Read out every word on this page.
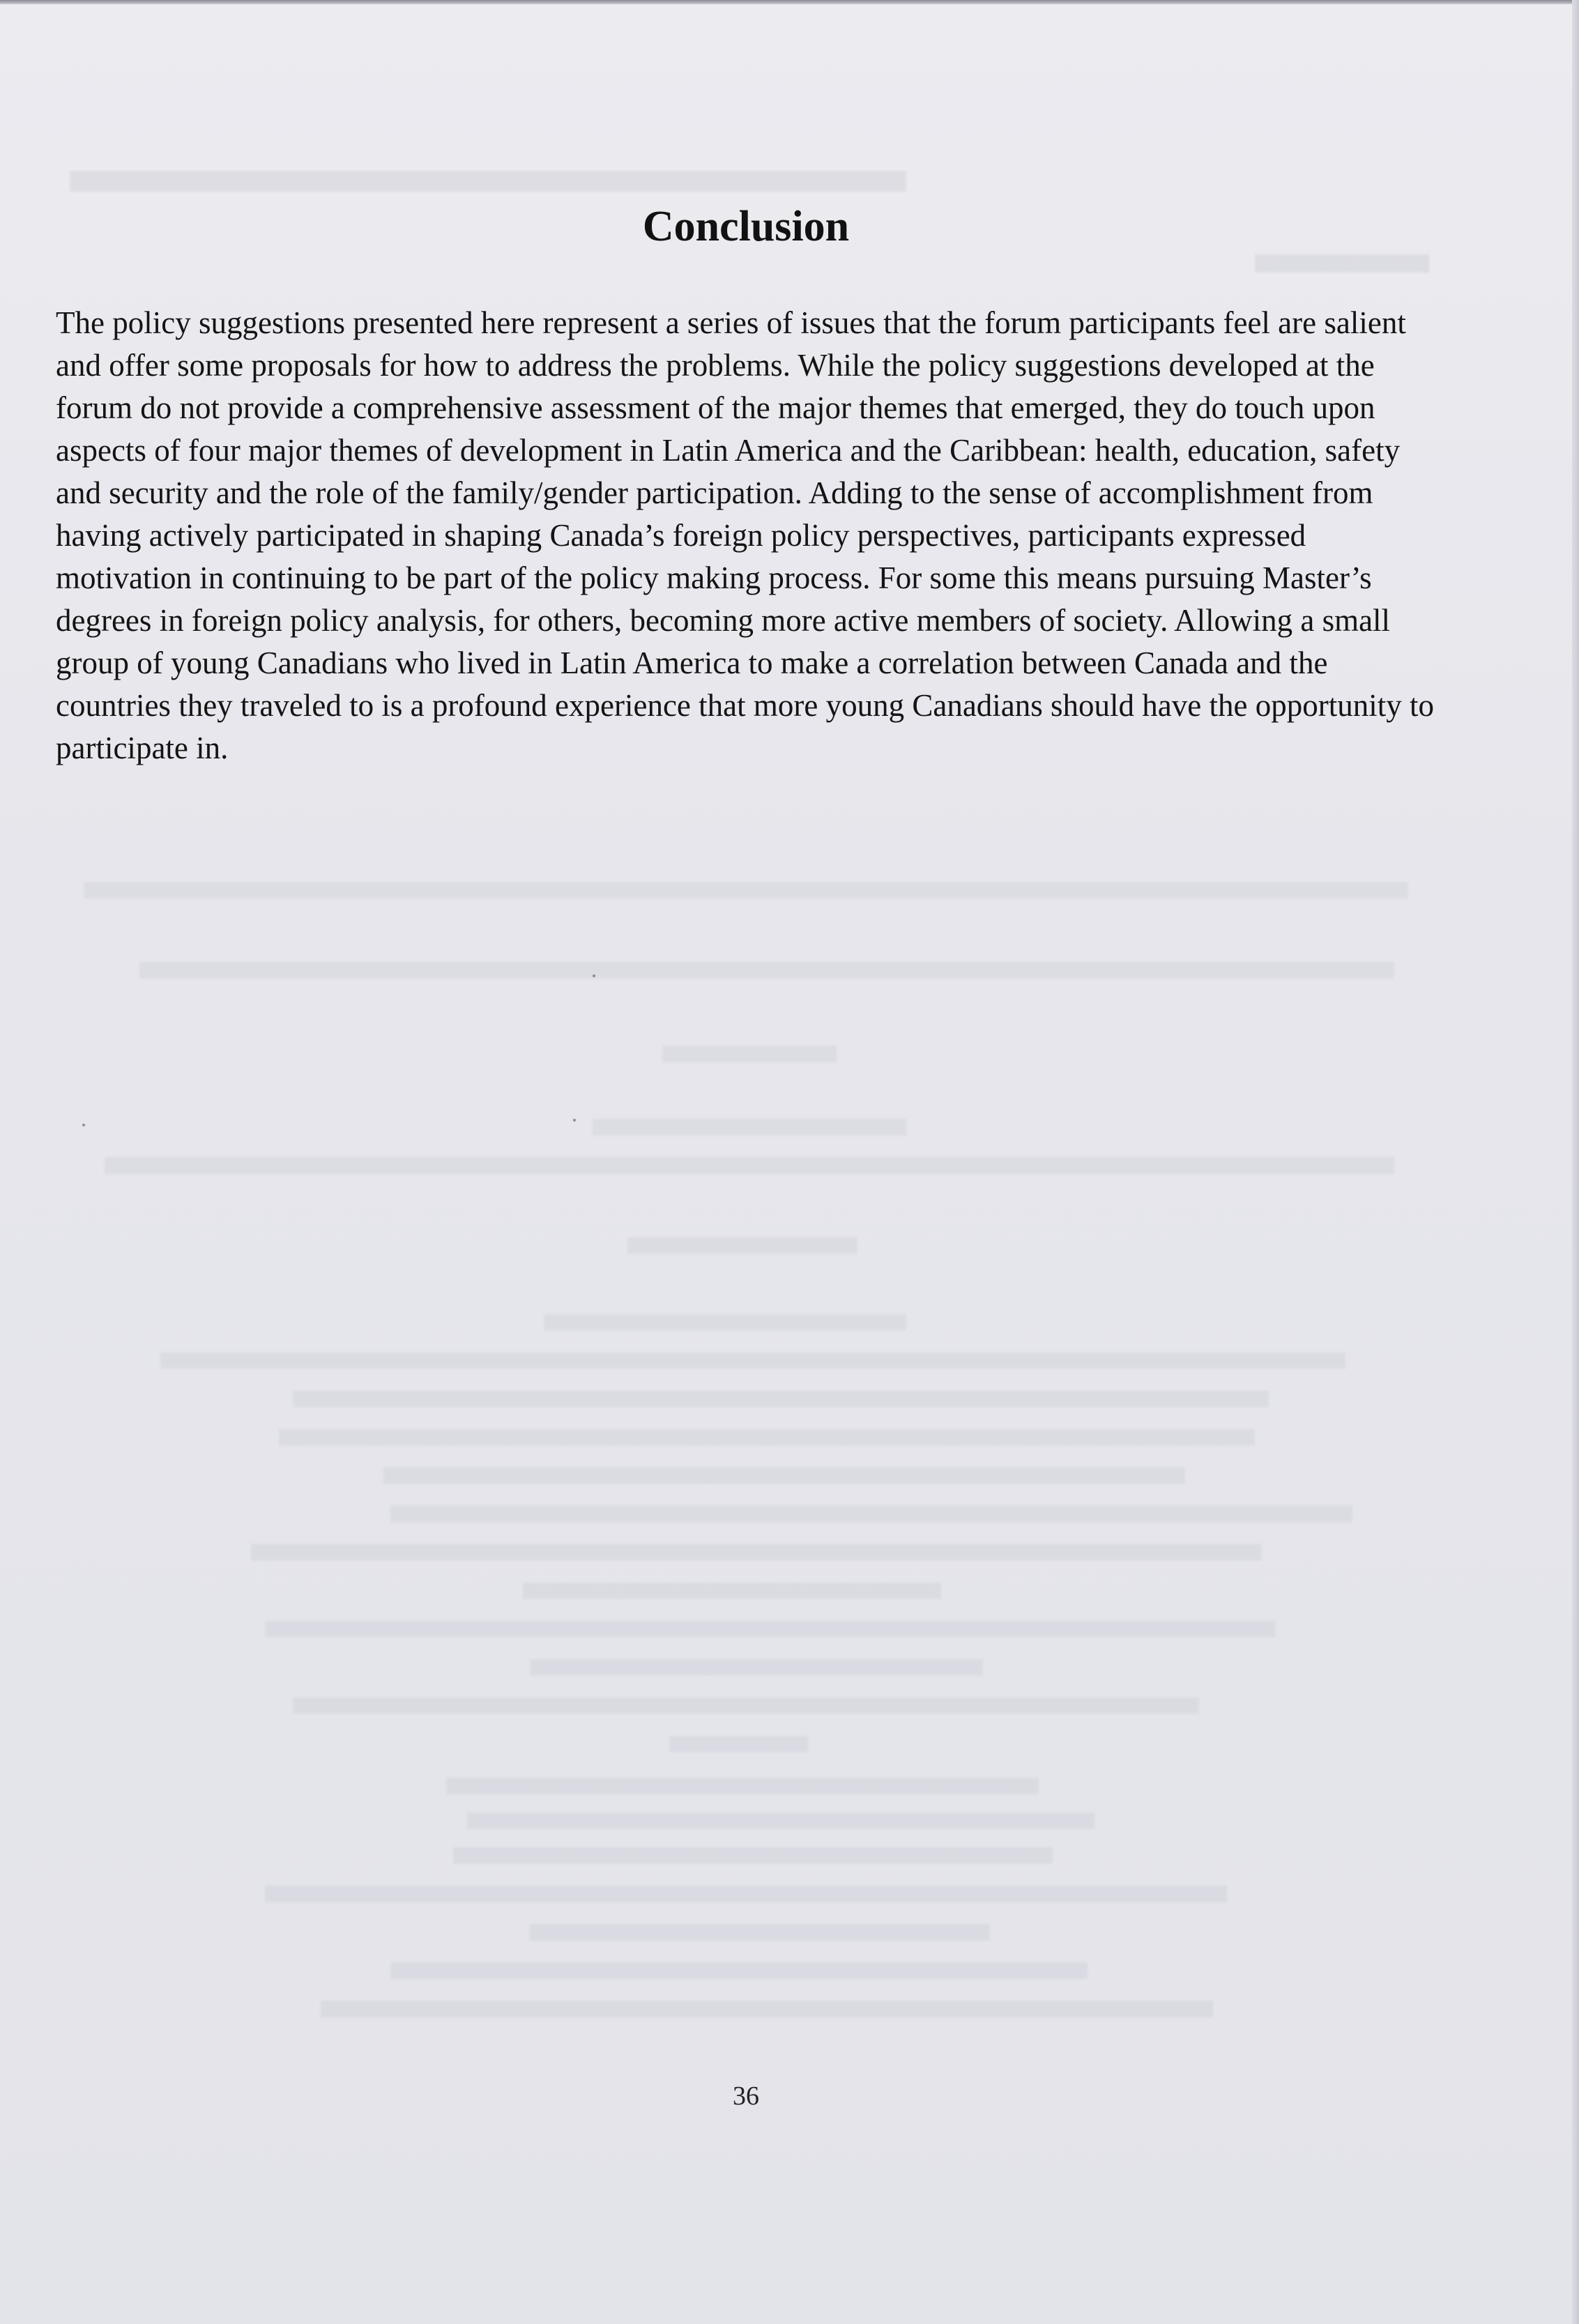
Conclusion

The policy suggestions presented here represent a series of issues that the forum participants feel are salient and offer some proposals for how to address the problems. While the policy suggestions developed at the forum do not provide a comprehensive assessment of the major themes that emerged, they do touch upon aspects of four major themes of development in Latin America and the Caribbean: health, education, safety and security and the role of the family/gender participation. Adding to the sense of accomplishment from having actively participated in shaping Canada’s foreign policy perspectives, participants expressed motivation in continuing to be part of the policy making process. For some this means pursuing Master’s degrees in foreign policy analysis, for others, becoming more active members of society. Allowing a small group of young Canadians who lived in Latin America to make a correlation between Canada and the countries they traveled to is a profound experience that more young Canadians should have the opportunity to participate in.

36
